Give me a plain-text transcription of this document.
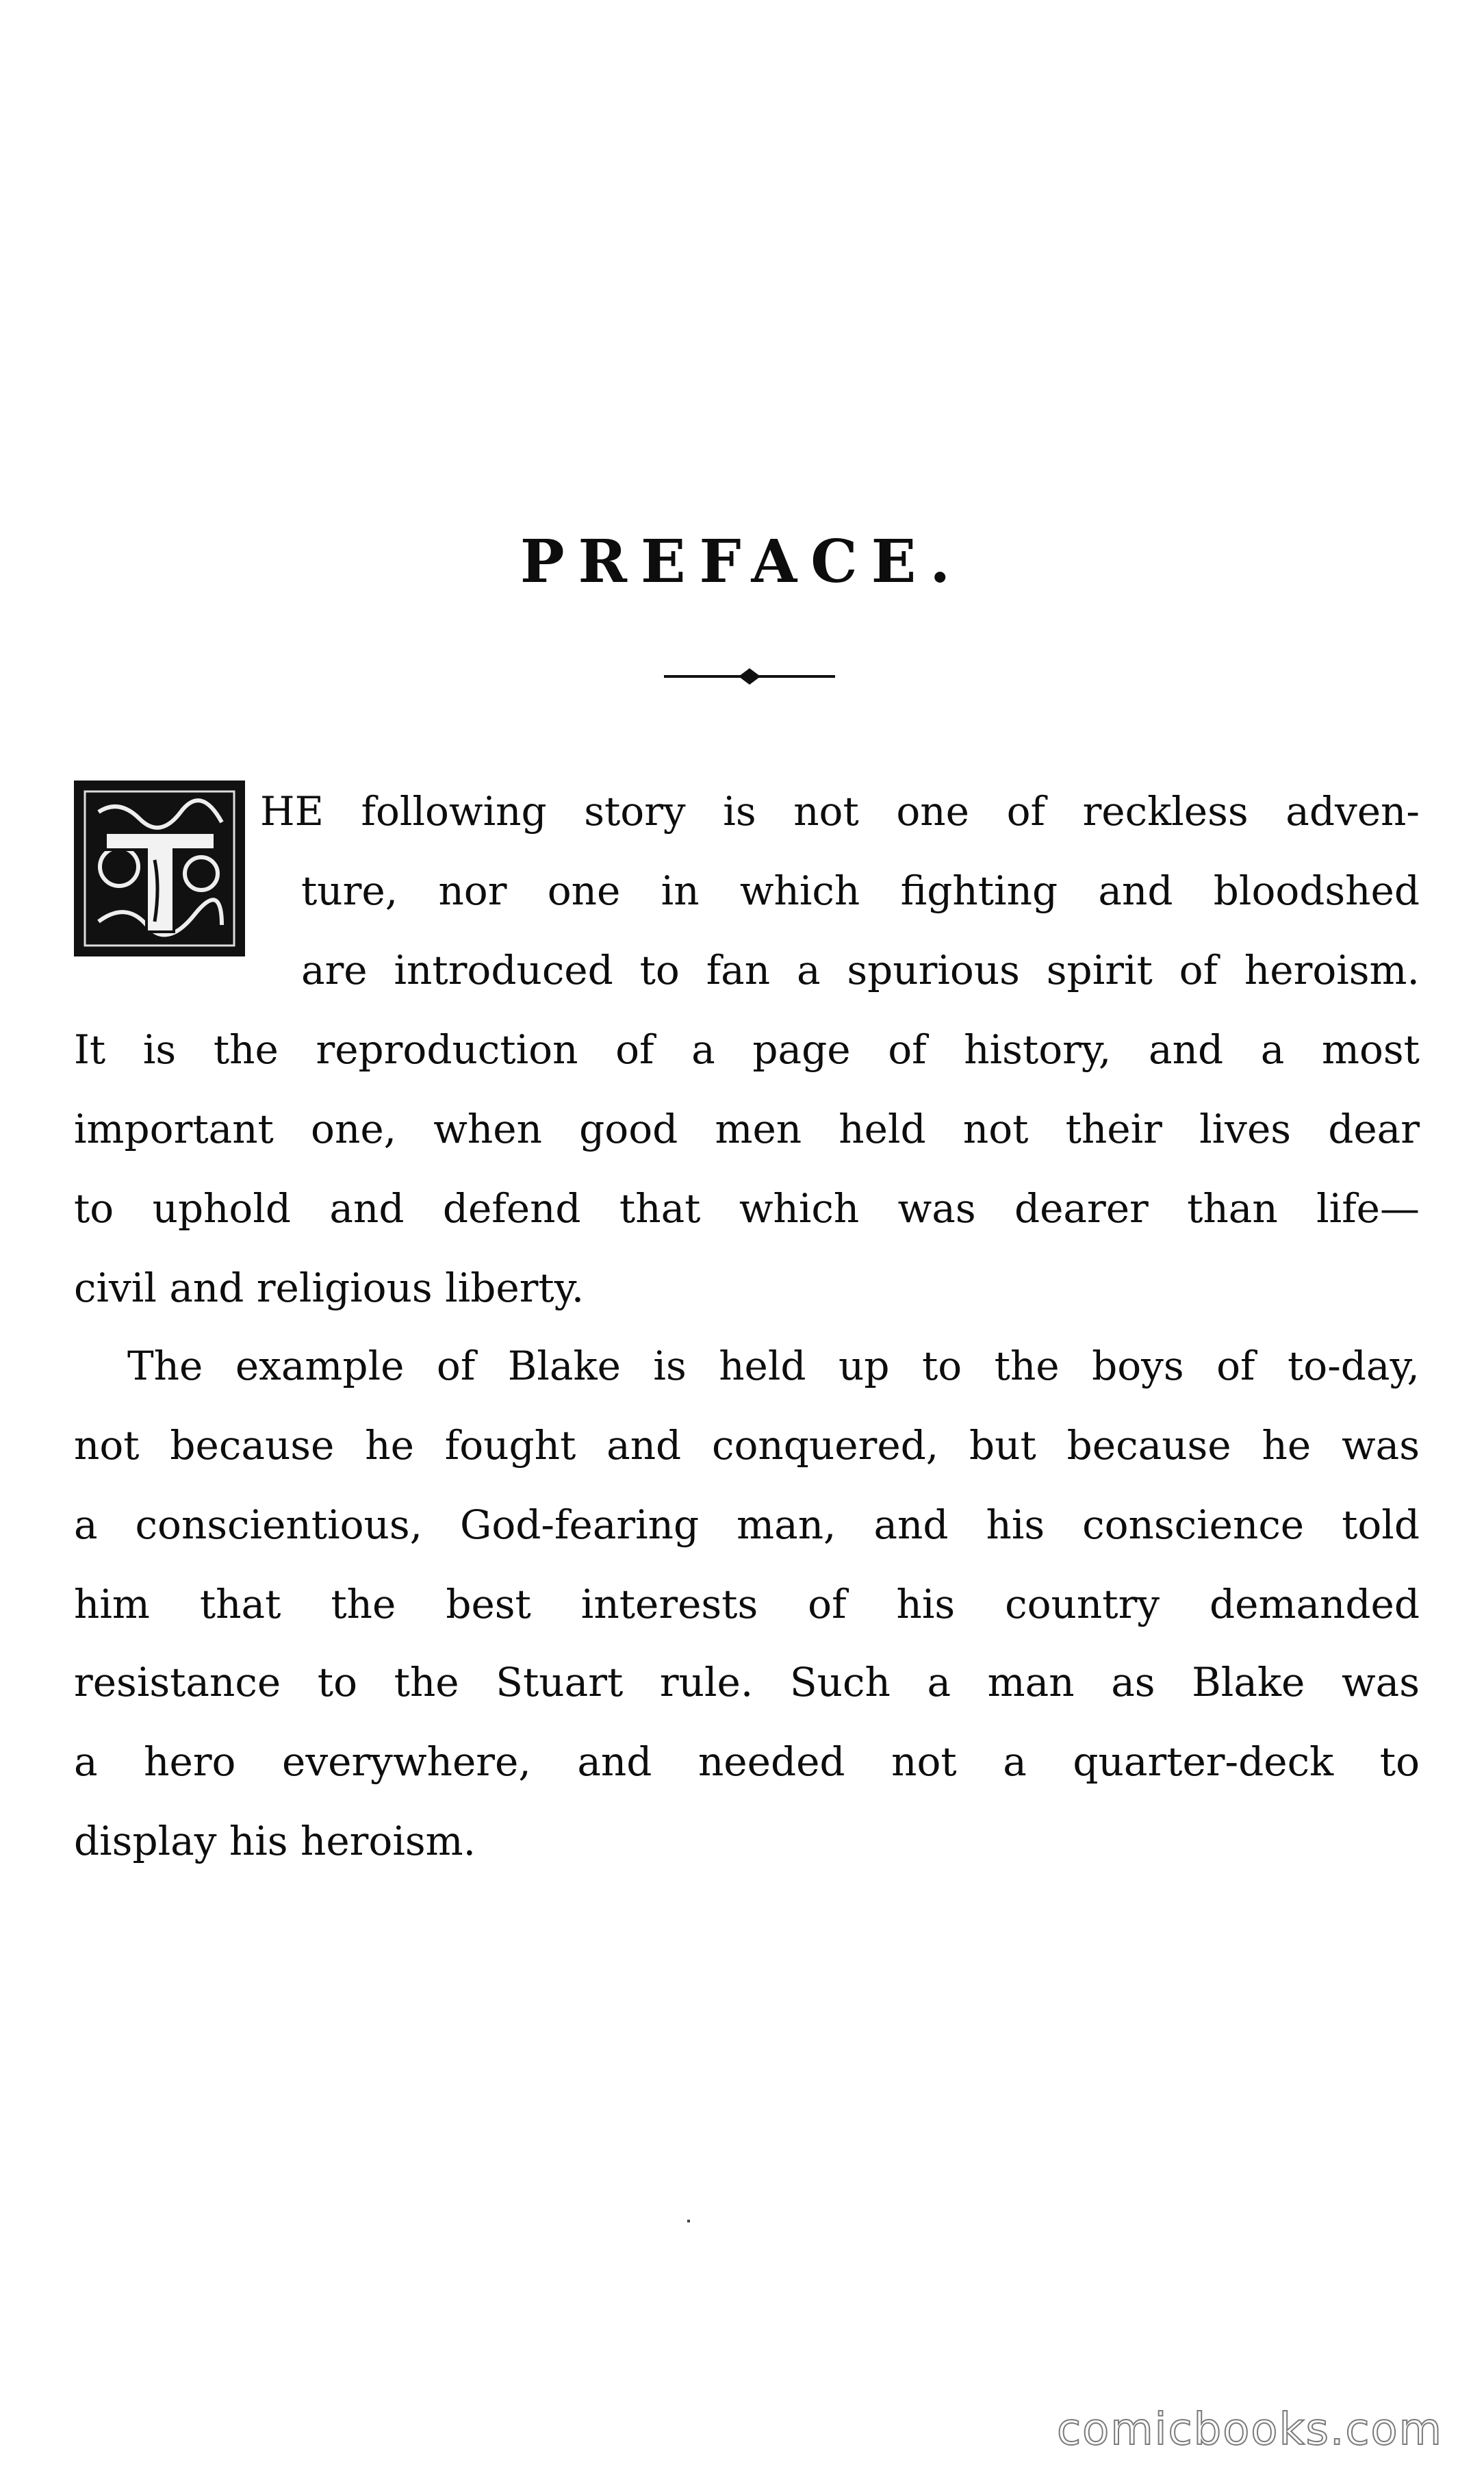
PREFACE.
HE following story is not one of reckless adven-
ture, nor one in which fighting and bloodshed
are introduced to fan a spurious spirit of heroism.
It is the reproduction of a page of history, and a most
important one, when good men held not their lives dear
to uphold and defend that which was dearer than life—
civil and religious liberty.
The example of Blake is held up to the boys of to-day,
not because he fought and conquered, but because he was
a conscientious, God-fearing man, and his conscience told
him that the best interests of his country demanded
resistance to the Stuart rule. Such a man as Blake was
a hero everywhere, and needed not a quarter-deck to
display his heroism.
comicbooks.com
